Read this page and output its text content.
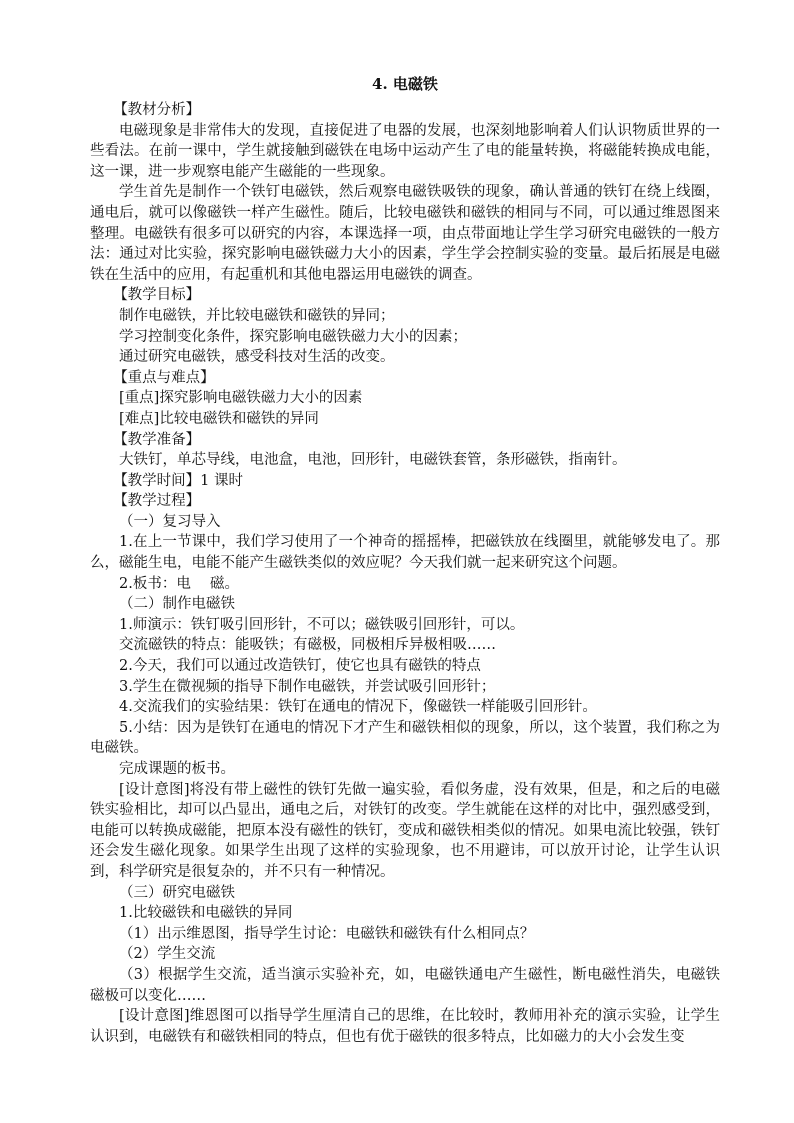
4. 电磁铁
【教材分析】
电磁现象是非常伟大的发现，直接促进了电器的发展，也深刻地影响着人们认识物质世界的一些看法。在前一课中，学生就接触到磁铁在电场中运动产生了电的能量转换，将磁能转换成电能，这一课，进一步观察电能产生磁能的一些现象。
学生首先是制作一个铁钉电磁铁，然后观察电磁铁吸铁的现象，确认普通的铁钉在绕上线圈，通电后，就可以像磁铁一样产生磁性。随后，比较电磁铁和磁铁的相同与不同，可以通过维恩图来整理。电磁铁有很多可以研究的内容，本课选择一项，由点带面地让学生学习研究电磁铁的一般方法：通过对比实验，探究影响电磁铁磁力大小的因素，学生学会控制实验的变量。最后拓展是电磁铁在生活中的应用，有起重机和其他电器运用电磁铁的调查。
【教学目标】
制作电磁铁，并比较电磁铁和磁铁的异同；
学习控制变化条件，探究影响电磁铁磁力大小的因素；
通过研究电磁铁，感受科技对生活的改变。
【重点与难点】
[重点]探究影响电磁铁磁力大小的因素
[难点]比较电磁铁和磁铁的异同
【教学准备】
大铁钉，单芯导线，电池盒，电池，回形针，电磁铁套管，条形磁铁，指南针。
【教学时间】1 课时
【教学过程】
（一）复习导入
1.在上一节课中，我们学习使用了一个神奇的摇摇棒，把磁铁放在线圈里，就能够发电了。那么，磁能生电，电能不能产生磁铁类似的效应呢？今天我们就一起来研究这个问题。
2.板书：电 　磁。
（二）制作电磁铁
1.师演示：铁钉吸引回形针，不可以；磁铁吸引回形针，可以。
交流磁铁的特点：能吸铁；有磁极，同极相斥异极相吸……
2.今天，我们可以通过改造铁钉，使它也具有磁铁的特点
3.学生在微视频的指导下制作电磁铁，并尝试吸引回形针；
4.交流我们的实验结果：铁钉在通电的情况下，像磁铁一样能吸引回形针。
5.小结：因为是铁钉在通电的情况下才产生和磁铁相似的现象，所以，这个装置，我们称之为电磁铁。
完成课题的板书。
[设计意图]将没有带上磁性的铁钉先做一遍实验，看似务虚，没有效果，但是，和之后的电磁铁实验相比，却可以凸显出，通电之后，对铁钉的改变。学生就能在这样的对比中，强烈感受到，电能可以转换成磁能，把原本没有磁性的铁钉，变成和磁铁相类似的情况。如果电流比较强，铁钉还会发生磁化现象。如果学生出现了这样的实验现象，也不用避讳，可以放开讨论，让学生认识到，科学研究是很复杂的，并不只有一种情况。
（三）研究电磁铁
1.比较磁铁和电磁铁的异同
（1）出示维恩图，指导学生讨论：电磁铁和磁铁有什么相同点？
（2）学生交流
（3）根据学生交流，适当演示实验补充，如，电磁铁通电产生磁性，断电磁性消失，电磁铁磁极可以变化……
[设计意图]维恩图可以指导学生厘清自己的思维，在比较时，教师用补充的演示实验，让学生认识到，电磁铁有和磁铁相同的特点，但也有优于磁铁的很多特点，比如磁力的大小会发生变
